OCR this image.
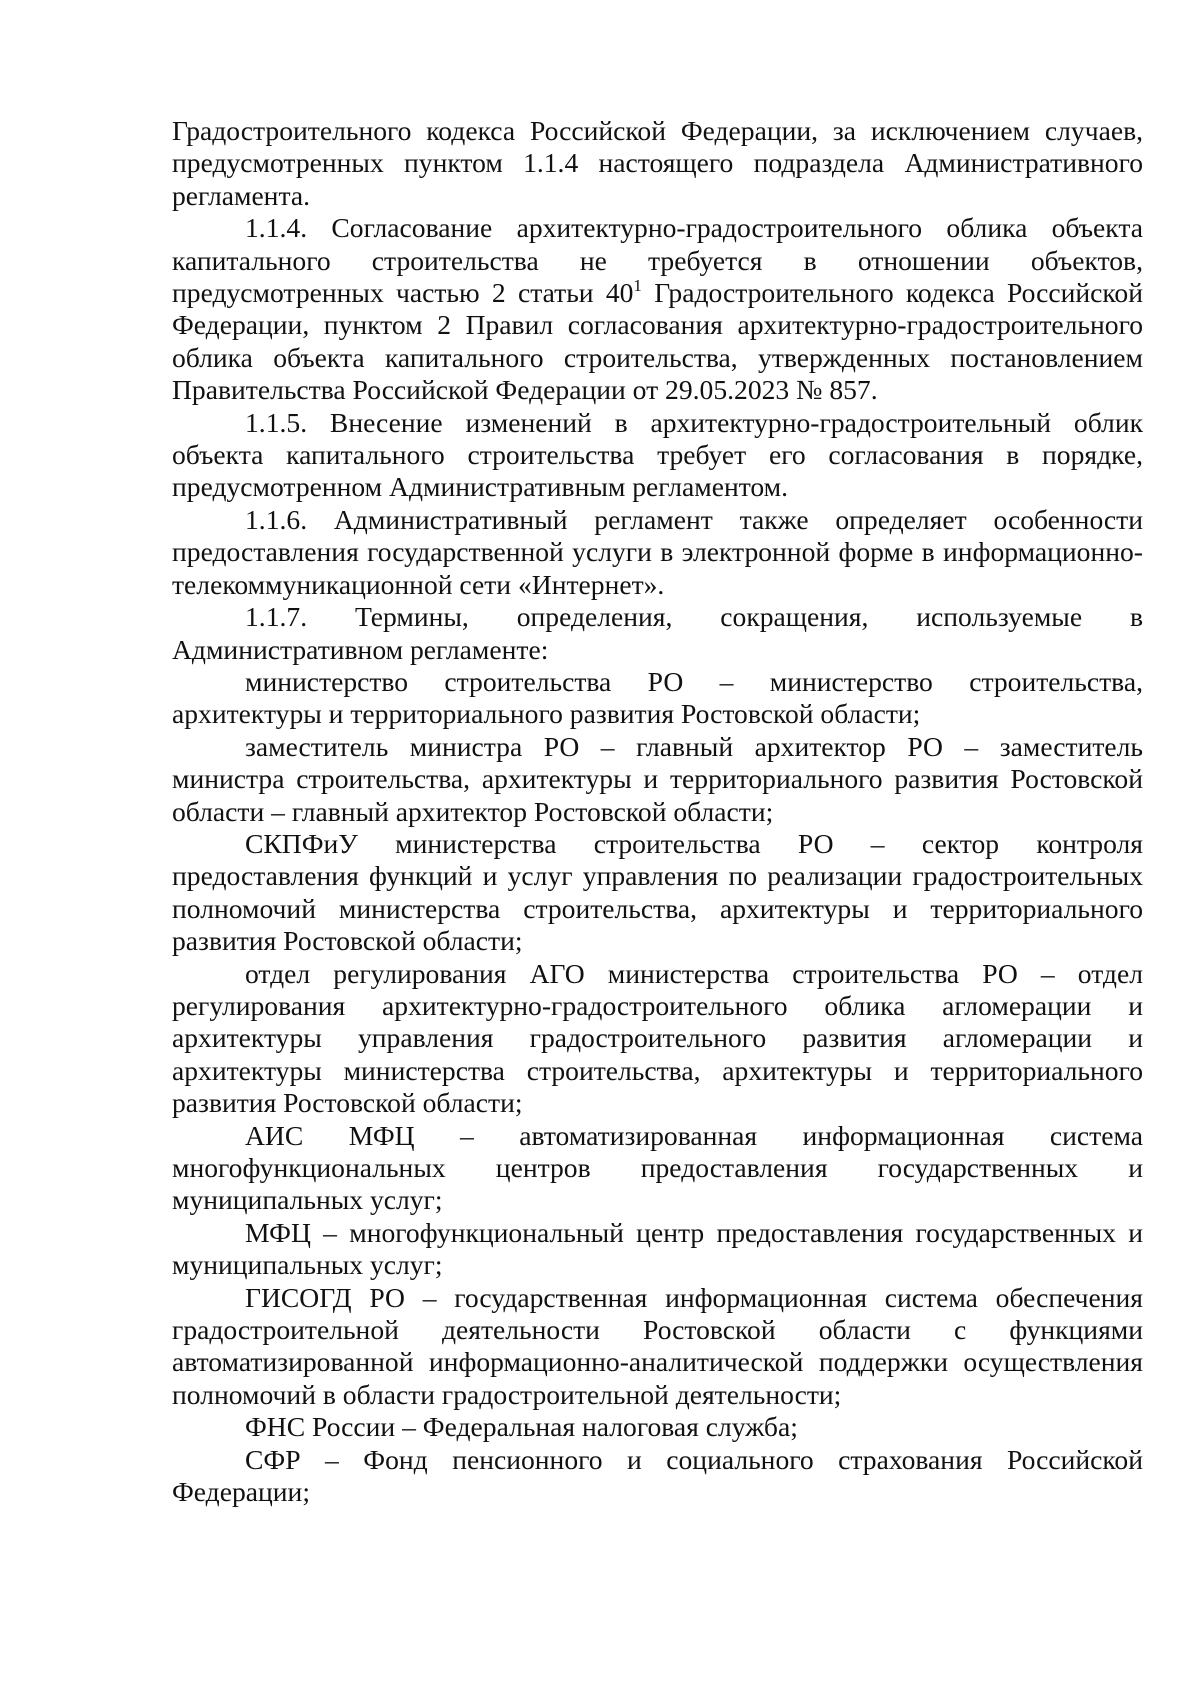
Градостроительного кодекса Российской Федерации, за исключением случаев, предусмотренных пунктом 1.1.4 настоящего подраздела Административного регламента.

1.1.4. Согласование архитектурно-градостроительного облика объекта капитального строительства не требуется в отношении объектов, предусмотренных частью 2 статьи $40^1$ Градостроительного кодекса Российской Федерации, пунктом 2 Правил согласования архитектурно-градостроительного облика объекта капитального строительства, утвержденных постановлением Правительства Российской Федерации от 29.05.2023 № 857.

1.1.5. Внесение изменений в архитектурно-градостроительный облик объекта капитального строительства требует его согласования в порядке, предусмотренном Административным регламентом.

1.1.6. Административный регламент также определяет особенности предоставления государственной услуги в электронной форме в информационно-телекоммуникационной сети «Интернет».

1.1.7. Термины, определения, сокращения, используемые в Административном регламенте:

министерство строительства РО – министерство строительства, архитектуры и территориального развития Ростовской области;

заместитель министра РО – главный архитектор РО – заместитель министра строительства, архитектуры и территориального развития Ростовской области – главный архитектор Ростовской области;

СКПФиУ министерства строительства РО – сектор контроля предоставления функций и услуг управления по реализации градостроительных полномочий министерства строительства, архитектуры и территориального развития Ростовской области;

отдел регулирования АГО министерства строительства РО – отдел регулирования архитектурно-градостроительного облика агломерации и архитектуры управления градостроительного развития агломерации и архитектуры министерства строительства, архитектуры и территориального развития Ростовской области;

АИС МФЦ – автоматизированная информационная система многофункциональных центров предоставления государственных и муниципальных услуг;

МФЦ – многофункциональный центр предоставления государственных и муниципальных услуг;

ГИСОГД РО – государственная информационная система обеспечения градостроительной деятельности Ростовской области с функциями автоматизированной информационно-аналитической поддержки осуществления полномочий в области градостроительной деятельности;

ФНС России – Федеральная налоговая служба;

СФР – Фонд пенсионного и социального страхования Российской Федерации;
